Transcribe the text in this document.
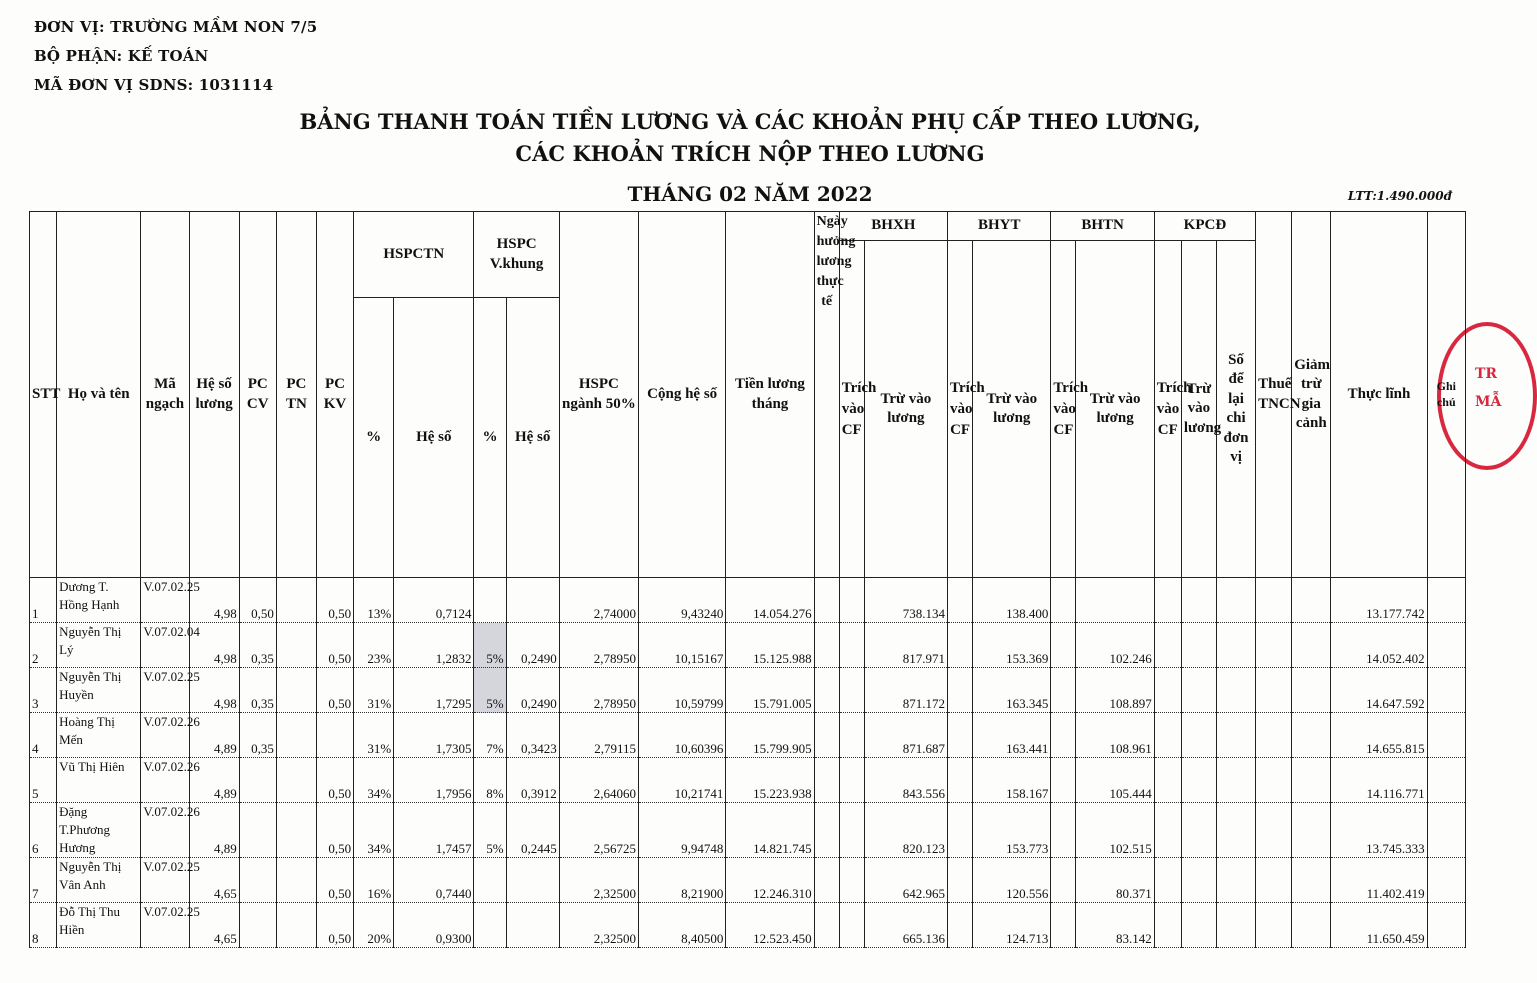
ĐƠN VỊ: TRƯỜNG MẦM NON 7/5
BỘ PHẬN: KẾ TOÁN
MÃ ĐƠN VỊ SDNS: 1031114
BẢNG THANH TOÁN TIỀN LƯƠNG VÀ CÁC KHOẢN PHỤ CẤP THEO LƯƠNG,
CÁC KHOẢN TRÍCH NỘP THEO LƯƠNG
THÁNG 02 NĂM 2022	LTT:1.490.000đ
TR
MẪ
STT	Họ và tên	Mã ngạch	Hệ số lương	PC CV	PC TN	PC KV	HSPCTN		HSPC V.khung		HSPC ngành 50%	Cộng hệ số	Tiền lương tháng	Ngày hưởng lương thực tế	BHXH		BHYT		BHTN		KPCĐ			Thuế TNCN	Giảm trừ gia cảnh	Thực lĩnh	Ghi chú
															Trích vào CF	Trừ vào lương	Trích vào CF	Trừ vào lương	Trích vào CF	Trừ vào lương	Trích vào CF	Trừ vào lương	Số để lại chi đơn vị				
							%	Hệ số	%	Hệ số																	
1	Dương T. Hồng Hạnh	V.07.02.25	4,98	0,50		0,50	13%	0,7124			2,74000	9,43240	14.054.276			738.134		138.400								13.177.742	
2	Nguyễn Thị Lý	V.07.02.04	4,98	0,35		0,50	23%	1,2832	5%	0,2490	2,78950	10,15167	15.125.988			817.971		153.369		102.246						14.052.402	
3	Nguyễn Thị Huyền	V.07.02.25	4,98	0,35		0,50	31%	1,7295	5%	0,2490	2,78950	10,59799	15.791.005			871.172		163.345		108.897						14.647.592	
4	Hoàng Thị Mến	V.07.02.26	4,89	0,35			31%	1,7305	7%	0,3423	2,79115	10,60396	15.799.905			871.687		163.441		108.961						14.655.815	
5	Vũ Thị Hiên	V.07.02.26	4,89			0,50	34%	1,7956	8%	0,3912	2,64060	10,21741	15.223.938			843.556		158.167		105.444						14.116.771	
6	Đặng T.Phương Hương	V.07.02.26	4,89			0,50	34%	1,7457	5%	0,2445	2,56725	9,94748	14.821.745			820.123		153.773		102.515						13.745.333	
7	Nguyễn Thị Vân Anh	V.07.02.25	4,65			0,50	16%	0,7440			2,32500	8,21900	12.246.310			642.965		120.556		80.371						11.402.419	
8	Đỗ Thị Thu Hiền	V.07.02.25	4,65			0,50	20%	0,9300			2,32500	8,40500	12.523.450			665.136		124.713		83.142						11.650.459	
